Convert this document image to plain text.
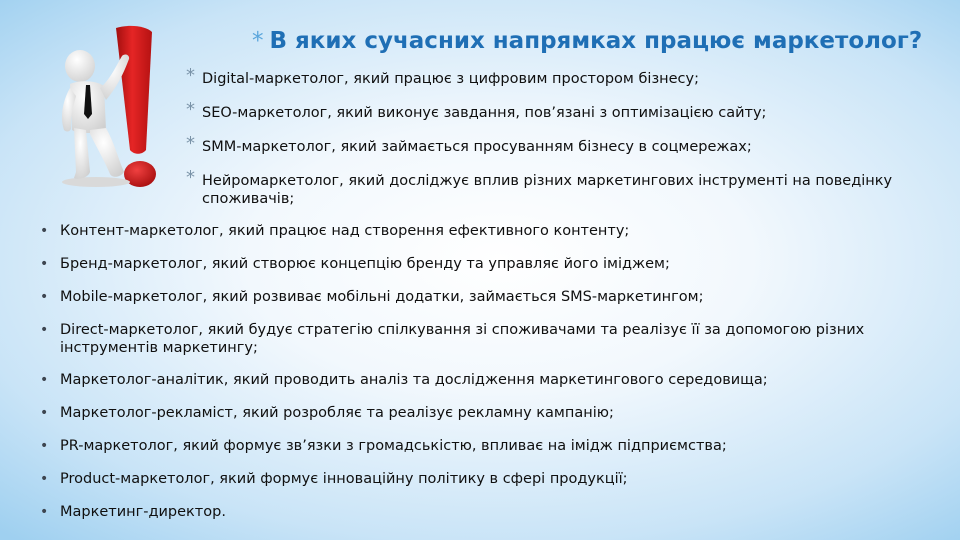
* В яких сучасних напрямках працює маркетолог?
* Digital-маркетолог, який працює з цифровим простором бізнесу;
* SEO-маркетолог, який виконує завдання, пов’язані з оптимізацією сайту;
* SMM-маркетолог, який займається просуванням бізнесу в соцмережах;
* Нейромаркетолог, який досліджує вплив різних маркетингових інструменті на поведінку споживачів;
• Контент-маркетолог, який працює над створення ефективного контенту;
• Бренд-маркетолог, який створює концепцію бренду та управляє його іміджем;
• Mobile-маркетолог, який розвиває мобільні додатки, займається SMS-маркетингом;
• Direct-маркетолог, який будує стратегію спілкування зі споживачами та реалізує її за допомогою різних інструментів маркетингу;
• Маркетолог-аналітик, який проводить аналіз та дослідження маркетингового середовища;
• Маркетолог-рекламіст, який розробляє та реалізує рекламну кампанію;
• PR-маркетолог, який формує зв’язки з громадськістю, впливає на імідж підприємства;
• Product-маркетолог, який формує інноваційну політику в сфері продукції;
• Маркетинг-директор.
